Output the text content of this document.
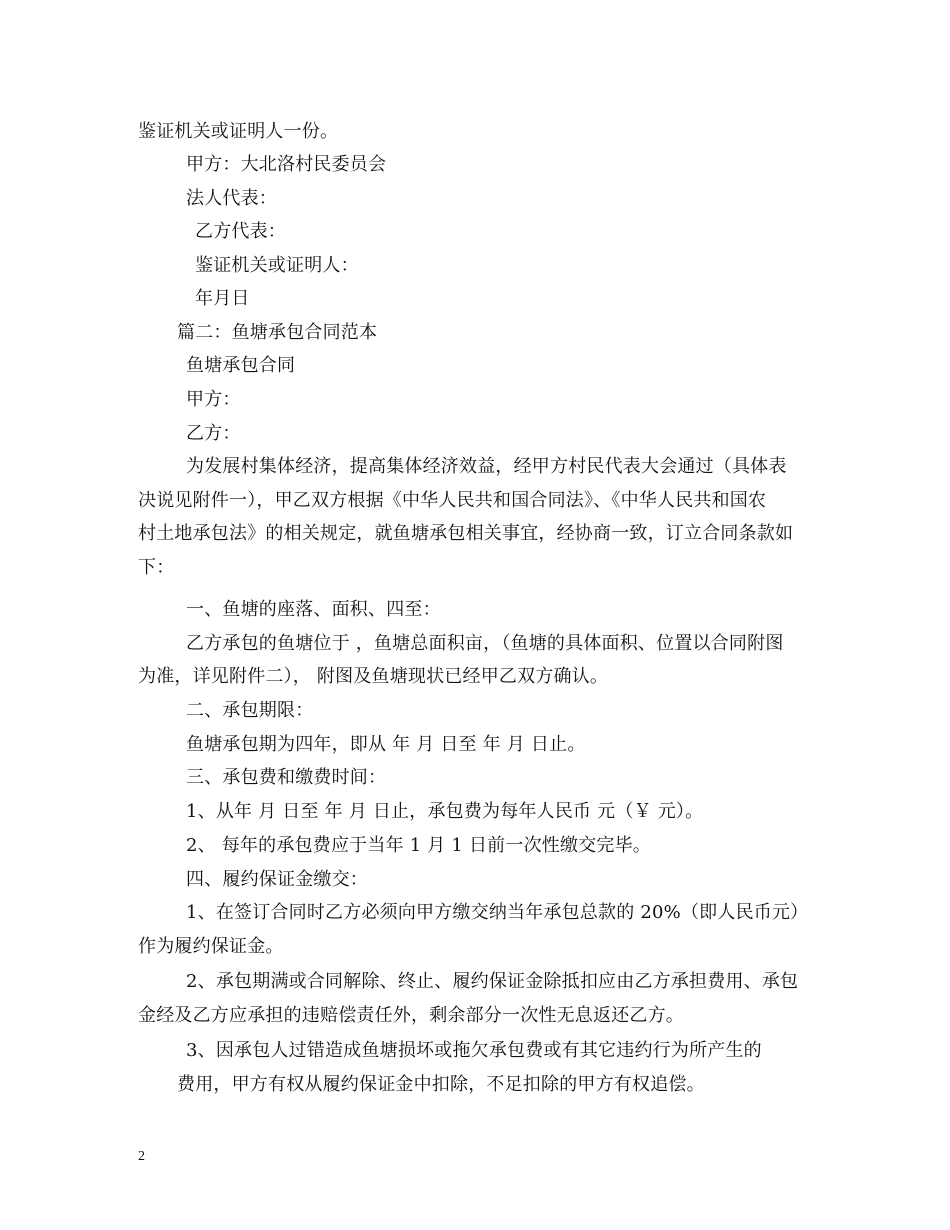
鉴证机关或证明人一份。
甲方：大北洛村民委员会
法人代表：
乙方代表：
鉴证机关或证明人：
年月日
篇二：鱼塘承包合同范本
鱼塘承包合同
甲方：
乙方：
为发展村集体经济，提高集体经济效益，经甲方村民代表大会通过（具体表
决说见附件一），甲乙双方根据《中华人民共和国合同法》、《中华人民共和国农
村土地承包法》的相关规定，就鱼塘承包相关事宜，经协商一致，订立合同条款如
下：
一、鱼塘的座落、面积、四至：
乙方承包的鱼塘位于 ，鱼塘总面积亩，（鱼塘的具体面积、位置以合同附图
为准，详见附件二）， 附图及鱼塘现状已经甲乙双方确认。
二、承包期限：
鱼塘承包期为四年，即从 年 月 日至 年 月 日止。
三、承包费和缴费时间：
1、从年 月 日至 年 月 日止，承包费为每年人民币 元（￥ 元）。
2、 每年的承包费应于当年 1 月 1 日前一次性缴交完毕。
四、履约保证金缴交：
1、在签订合同时乙方必须向甲方缴交纳当年承包总款的 20%（即人民币元）
作为履约保证金。
2、承包期满或合同解除、终止、履约保证金除抵扣应由乙方承担费用、承包
金经及乙方应承担的违赔偿责任外，剩余部分一次性无息返还乙方。
3、因承包人过错造成鱼塘损坏或拖欠承包费或有其它违约行为所产生的
费用，甲方有权从履约保证金中扣除，不足扣除的甲方有权追偿。
2
